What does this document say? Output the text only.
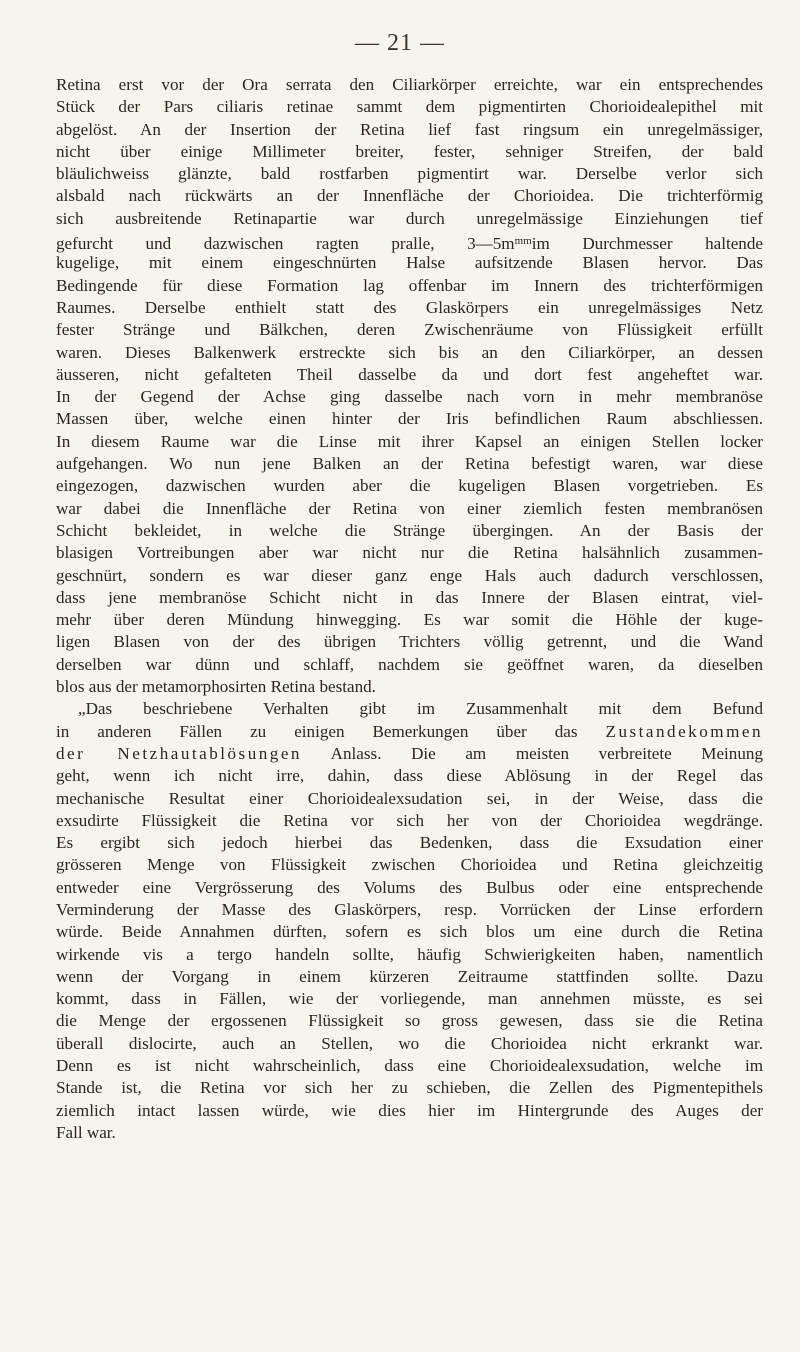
— 21 —
Retina erst vor der Ora serrata den Ciliarkörper erreichte, war ein entsprechendes
Stück der Pars ciliaris retinae sammt dem pigmentirten Chorioidealepithel mit
abgelöst. An der Insertion der Retina lief fast ringsum ein unregelmässiger,
nicht über einige Millimeter breiter, fester, sehniger Streifen, der bald
bläulichweiss glänzte, bald rostfarben pigmentirt war. Derselbe verlor sich
alsbald nach rückwärts an der Innenfläche der Chorioidea. Die trichterförmig
sich ausbreitende Retinapartie war durch unregelmässige Einziehungen tief
gefurcht und dazwischen ragten pralle, $3—5m^{mm}im$ Durchmesser haltende
kugelige, mit einem eingeschnürten Halse aufsitzende Blasen hervor. Das
Bedingende für diese Formation lag offenbar im Innern des trichterförmigen
Raumes. Derselbe enthielt statt des Glaskörpers ein unregelmässiges Netz
fester Stränge und Bälkchen, deren Zwischenräume von Flüssigkeit erfüllt
waren. Dieses Balkenwerk erstreckte sich bis an den Ciliarkörper, an dessen
äusseren, nicht gefalteten Theil dasselbe da und dort fest angeheftet war.
In der Gegend der Achse ging dasselbe nach vorn in mehr membranöse
Massen über, welche einen hinter der Iris befindlichen Raum abschliessen.
In diesem Raume war die Linse mit ihrer Kapsel an einigen Stellen locker
aufgehangen. Wo nun jene Balken an der Retina befestigt waren, war diese
eingezogen, dazwischen wurden aber die kugeligen Blasen vorgetrieben. Es
war dabei die Innenfläche der Retina von einer ziemlich festen membranösen
Schicht bekleidet, in welche die Stränge übergingen. An der Basis der
blasigen Vortreibungen aber war nicht nur die Retina halsähnlich zusammen-
geschnürt, sondern es war dieser ganz enge Hals auch dadurch verschlossen,
dass jene membranöse Schicht nicht in das Innere der Blasen eintrat, viel-
mehr über deren Mündung hinwegging. Es war somit die Höhle der kuge-
ligen Blasen von der des übrigen Trichters völlig getrennt, und die Wand
derselben war dünn und schlaff, nachdem sie geöffnet waren, da dieselben
blos aus der metamorphosirten Retina bestand.
„Das beschriebene Verhalten gibt im Zusammenhalt mit dem Befund
in anderen Fällen zu einigen Bemerkungen über das Zustandekommen
der Netzhautablösungen Anlass. Die am meisten verbreitete Meinung
geht, wenn ich nicht irre, dahin, dass diese Ablösung in der Regel das
mechanische Resultat einer Chorioidealexsudation sei, in der Weise, dass die
exsudirte Flüssigkeit die Retina vor sich her von der Chorioidea wegdränge.
Es ergibt sich jedoch hierbei das Bedenken, dass die Exsudation einer
grösseren Menge von Flüssigkeit zwischen Chorioidea und Retina gleichzeitig
entweder eine Vergrösserung des Volums des Bulbus oder eine entsprechende
Verminderung der Masse des Glaskörpers, resp. Vorrücken der Linse erfordern
würde. Beide Annahmen dürften, sofern es sich blos um eine durch die Retina
wirkende vis a tergo handeln sollte, häufig Schwierigkeiten haben, namentlich
wenn der Vorgang in einem kürzeren Zeitraume stattfinden sollte. Dazu
kommt, dass in Fällen, wie der vorliegende, man annehmen müsste, es sei
die Menge der ergossenen Flüssigkeit so gross gewesen, dass sie die Retina
überall dislocirte, auch an Stellen, wo die Chorioidea nicht erkrankt war.
Denn es ist nicht wahrscheinlich, dass eine Chorioidealexsudation, welche im
Stande ist, die Retina vor sich her zu schieben, die Zellen des Pigmentepithels
ziemlich intact lassen würde, wie dies hier im Hintergrunde des Auges der
Fall war.
